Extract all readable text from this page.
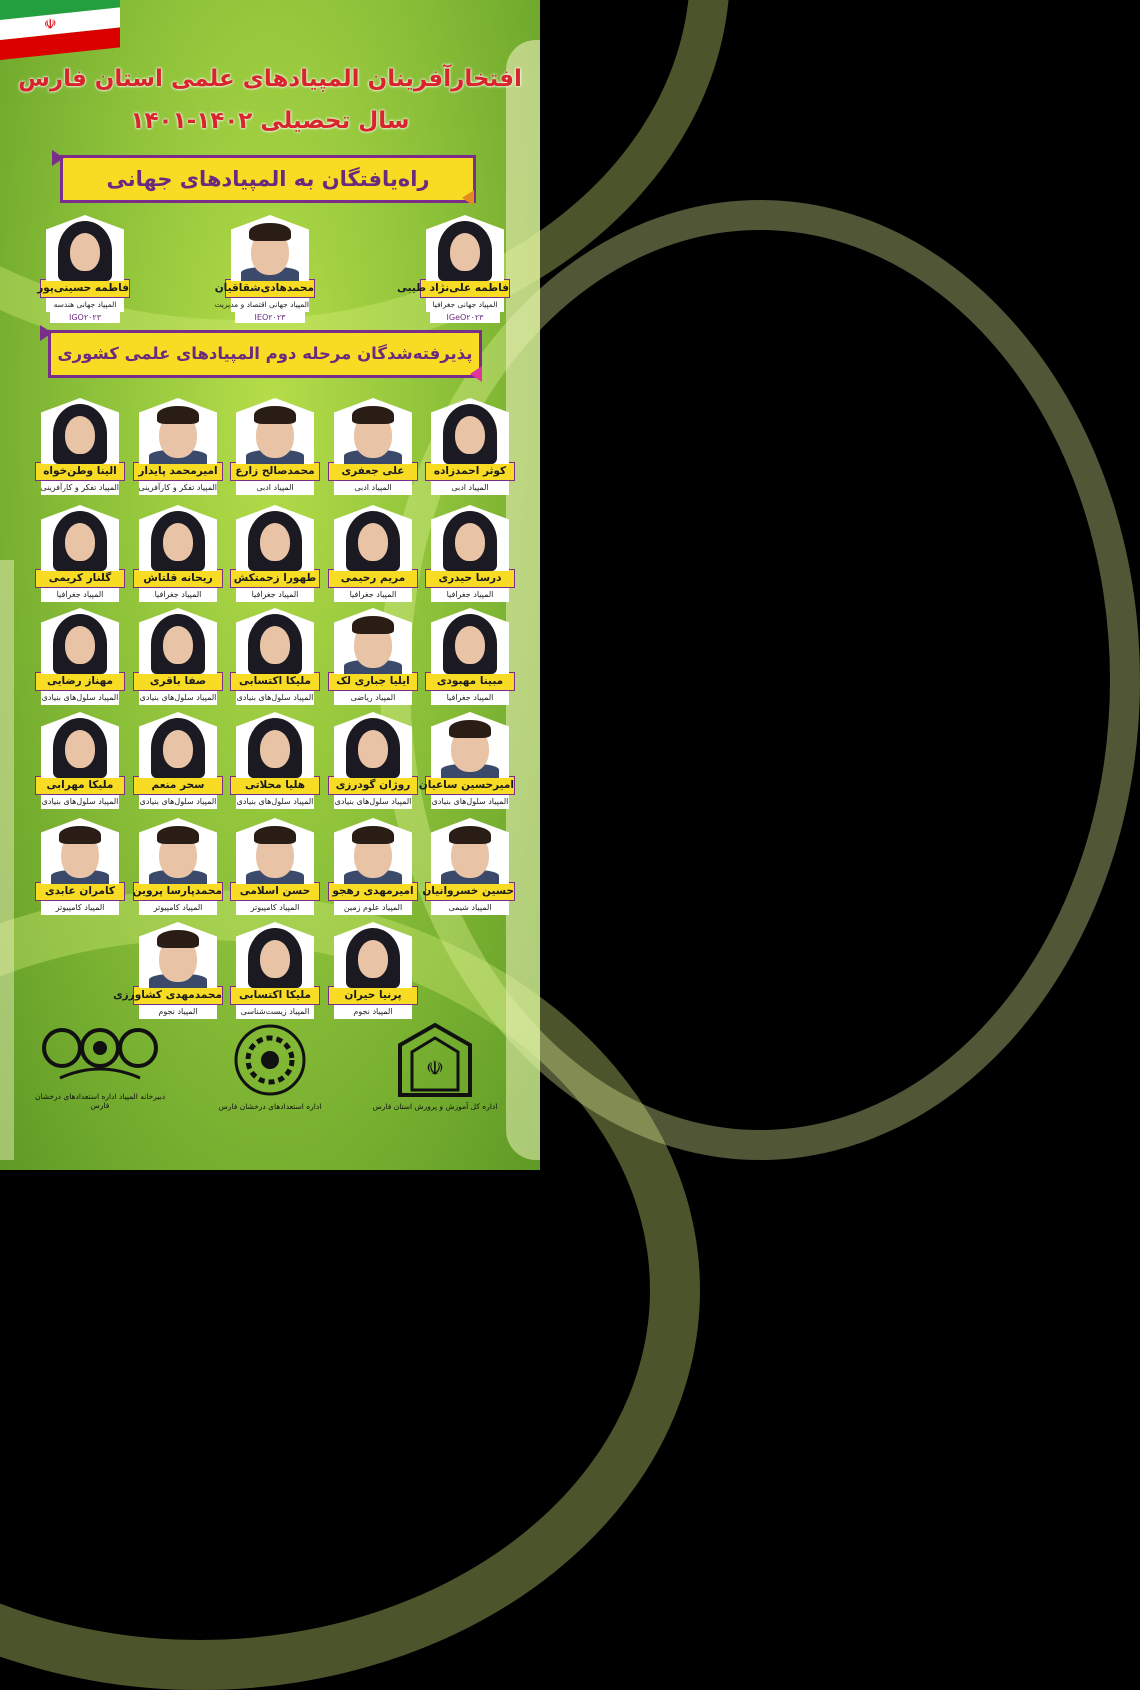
☫
افتخارآفرینان المپیادهای علمی استان فارس
سال تحصیلی ۱۴۰۲-۱۴۰۱
راه‌یافتگان به المپیادهای جهانی
فاطمه علی‌نژاد طیبی
المپیاد جهانی جغرافیا
IGeO۲۰۲۳
محمدهادی‌شقاقیان
المپیاد جهانی اقتصاد و مدیریت
IEO۲۰۲۳
فاطمه حسینی‌پور
المپیاد جهانی هندسه
IGO۲۰۲۳
پذیرفته‌شدگان مرحله دوم المپیادهای علمی کشوری
کوثر احمدزاده
المپیاد ادبی
علی جعفری
المپیاد ادبی
محمدصالح زارع
المپیاد ادبی
امیرمحمد پایدار
المپیاد تفکر و کارآفرینی
الینا وطن‌خواه
المپیاد تفکر و کارآفرینی
درسا حیدری
المپیاد جغرافیا
مریم رحیمی
المپیاد جغرافیا
طهورا زحمتکش
المپیاد جغرافیا
ریحانه قلتاش
المپیاد جغرافیا
گلنار کریمی
المپیاد جغرافیا
مبینا مهبودی
المپیاد جغرافیا
ایلیا جباری لک
المپیاد ریاضی
ملیکا اکتسابی
المپیاد سلول‌های بنیادی
صفا باقری
المپیاد سلول‌های بنیادی
مهناز رضایی
المپیاد سلول‌های بنیادی
امیرحسین ساعیان
المپیاد سلول‌های بنیادی
روژان گودرزی
المپیاد سلول‌های بنیادی
هلیا محلاتی
المپیاد سلول‌های بنیادی
سحر منعم
المپیاد سلول‌های بنیادی
ملیکا مهرابی
المپیاد سلول‌های بنیادی
حسین خسروانیان
المپیاد شیمی
امیرمهدی رهجو
المپیاد علوم زمین
حسن اسلامی
المپیاد کامپیوتر
محمدپارسا پروین
المپیاد کامپیوتر
کامران عابدی
المپیاد کامپیوتر
پرنیا حیران
المپیاد نجوم
ملیکا اکتسابی
المپیاد زیست‌شناسی
محمدمهدی کشاورزی
المپیاد نجوم
☫
اداره کل آموزش و پرورش استان فارس
اداره استعدادهای درخشان فارس
دبیرخانه المپیاد اداره استعدادهای درخشان فارس
